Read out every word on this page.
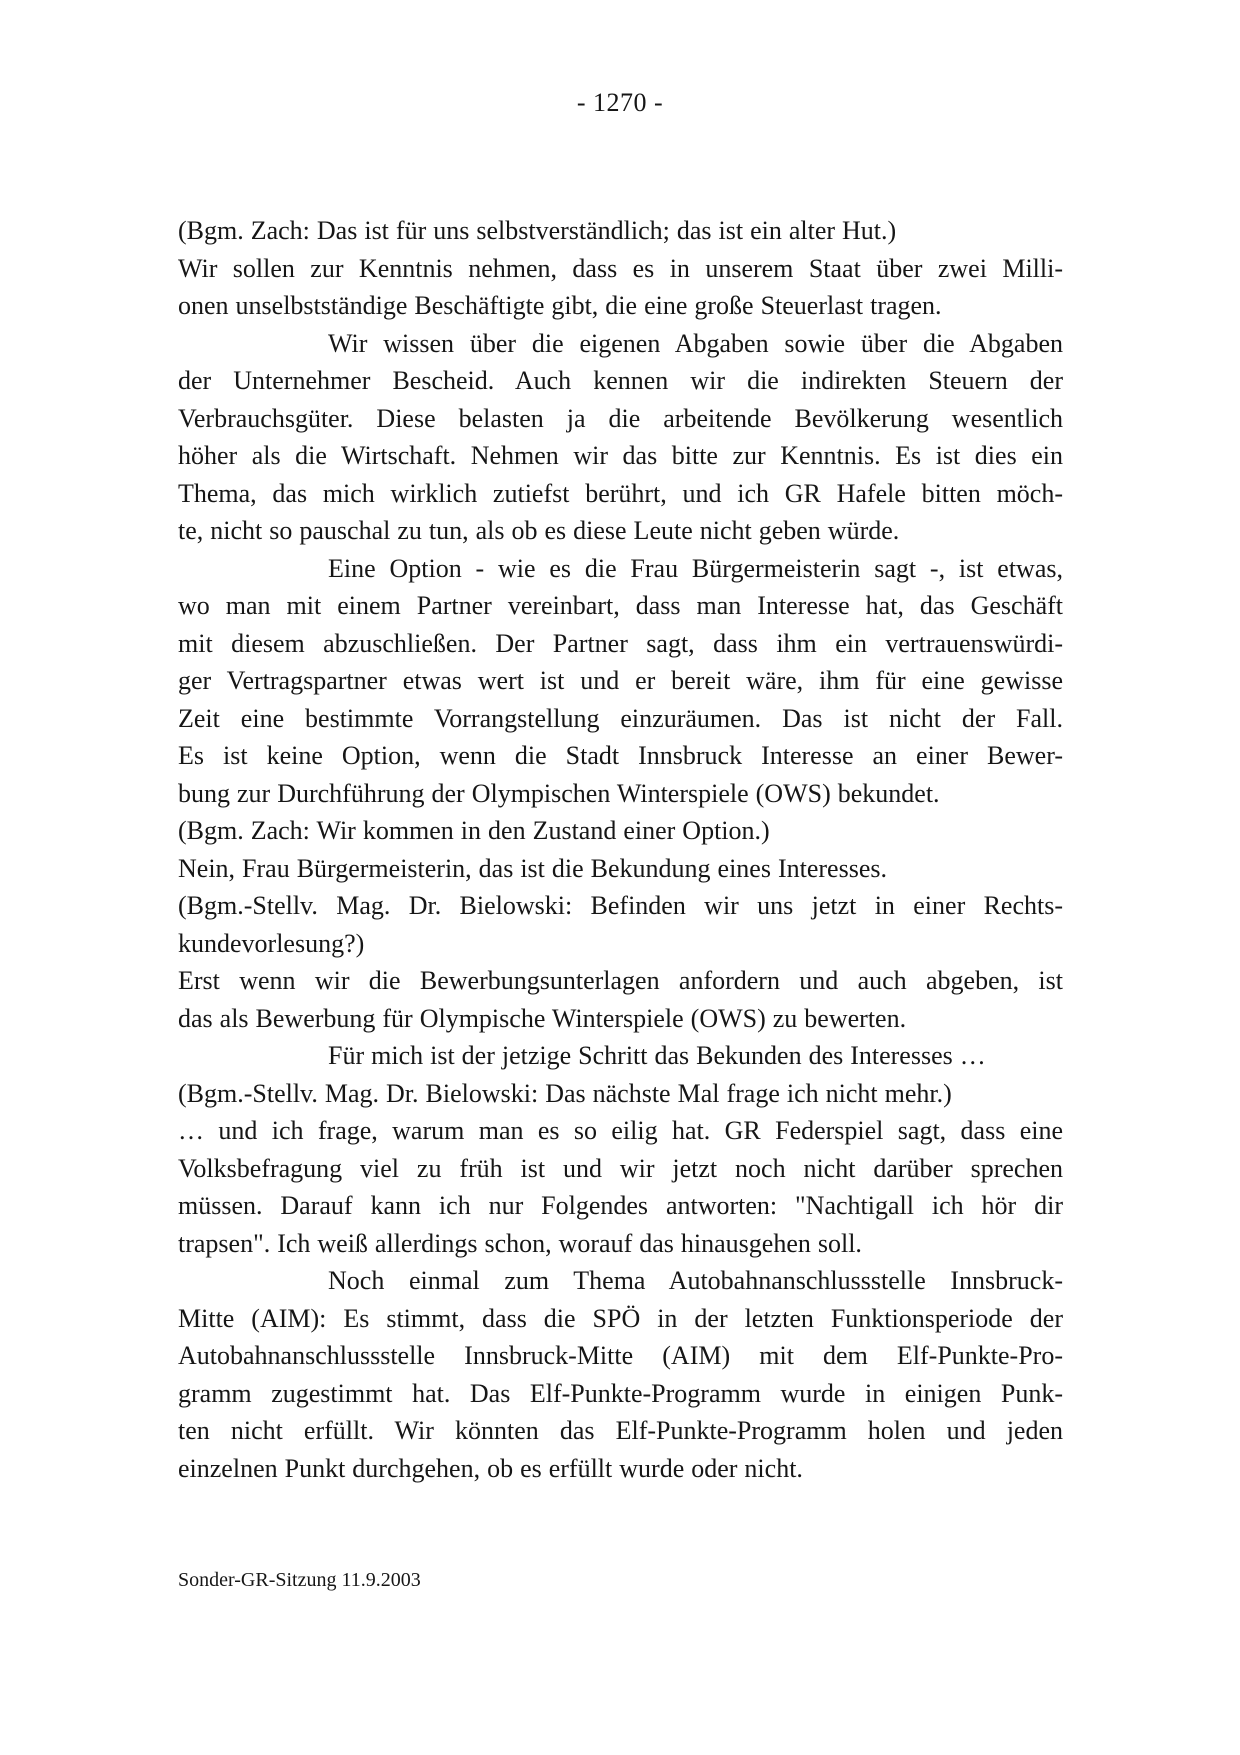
- 1270 -
(Bgm. Zach: Das ist für uns selbstverständlich; das ist ein alter Hut.)
Wir sollen zur Kenntnis nehmen, dass es in unserem Staat über zwei Milli-
onen unselbstständige Beschäftigte gibt, die eine große Steuerlast tragen.
Wir wissen über die eigenen Abgaben sowie über die Abgaben
der Unternehmer Bescheid. Auch kennen wir die indirekten Steuern der
Verbrauchsgüter. Diese belasten ja die arbeitende Bevölkerung wesentlich
höher als die Wirtschaft. Nehmen wir das bitte zur Kenntnis. Es ist dies ein
Thema, das mich wirklich zutiefst berührt, und ich GR Hafele bitten möch-
te, nicht so pauschal zu tun, als ob es diese Leute nicht geben würde.
Eine Option - wie es die Frau Bürgermeisterin sagt -, ist etwas,
wo man mit einem Partner vereinbart, dass man Interesse hat, das Geschäft
mit diesem abzuschließen. Der Partner sagt, dass ihm ein vertrauenswürdi-
ger Vertragspartner etwas wert ist und er bereit wäre, ihm für eine gewisse
Zeit eine bestimmte Vorrangstellung einzuräumen. Das ist nicht der Fall.
Es ist keine Option, wenn die Stadt Innsbruck Interesse an einer Bewer-
bung zur Durchführung der Olympischen Winterspiele (OWS) bekundet.
(Bgm. Zach: Wir kommen in den Zustand einer Option.)
Nein, Frau Bürgermeisterin, das ist die Bekundung eines Interesses.
(Bgm.-Stellv. Mag. Dr. Bielowski: Befinden wir uns jetzt in einer Rechts-
kundevorlesung?)
Erst wenn wir die Bewerbungsunterlagen anfordern und auch abgeben, ist
das als Bewerbung für Olympische Winterspiele (OWS) zu bewerten.
Für mich ist der jetzige Schritt das Bekunden des Interesses …
(Bgm.-Stellv. Mag. Dr. Bielowski: Das nächste Mal frage ich nicht mehr.)
… und ich frage, warum man es so eilig hat. GR Federspiel sagt, dass eine
Volksbefragung viel zu früh ist und wir jetzt noch nicht darüber sprechen
müssen. Darauf kann ich nur Folgendes antworten: "Nachtigall ich hör dir
trapsen". Ich weiß allerdings schon, worauf das hinausgehen soll.
Noch einmal zum Thema Autobahnanschlussstelle Innsbruck-
Mitte (AIM): Es stimmt, dass die SPÖ in der letzten Funktionsperiode der
Autobahnanschlussstelle Innsbruck-Mitte (AIM) mit dem Elf-Punkte-Pro-
gramm zugestimmt hat. Das Elf-Punkte-Programm wurde in einigen Punk-
ten nicht erfüllt. Wir könnten das Elf-Punkte-Programm holen und jeden
einzelnen Punkt durchgehen, ob es erfüllt wurde oder nicht.
Sonder-GR-Sitzung 11.9.2003
